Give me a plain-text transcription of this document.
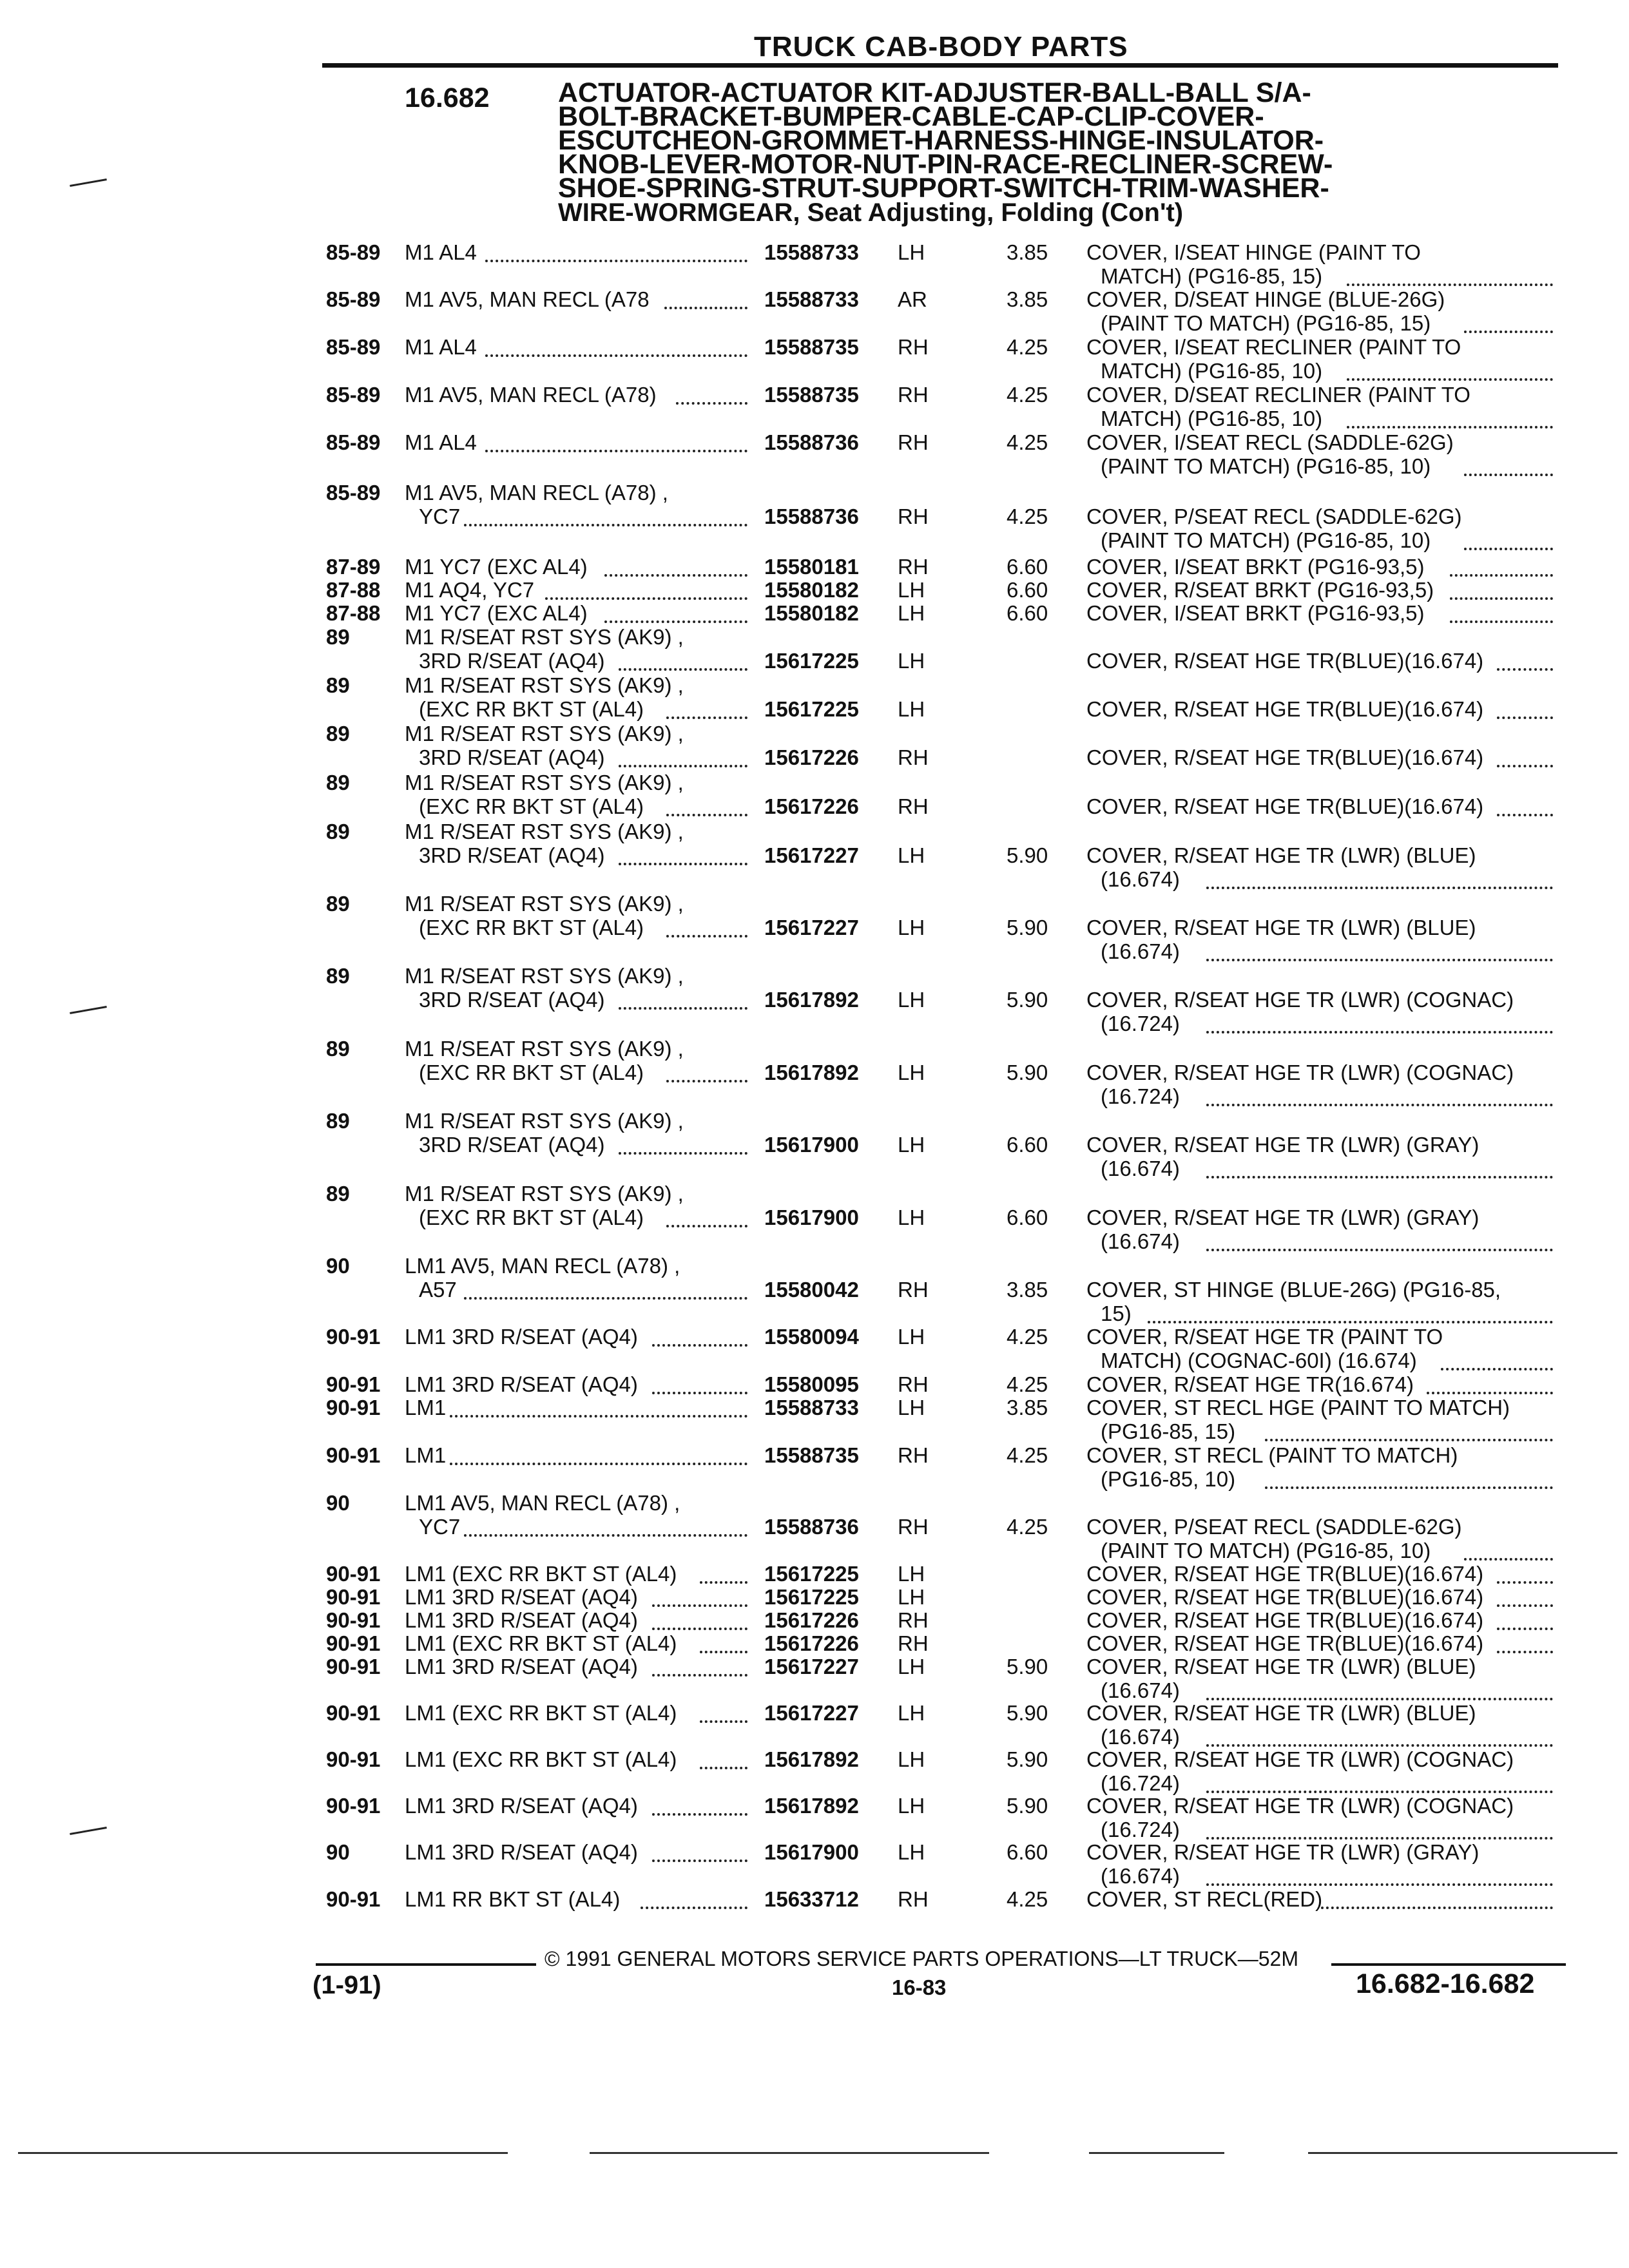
TRUCK CAB-BODY PARTS
16.682 ACTUATOR-ACTUATOR KIT-ADJUSTER-BALL-BALL S/A-
BOLT-BRACKET-BUMPER-CABLE-CAP-CLIP-COVER-
ESCUTCHEON-GROMMET-HARNESS-HINGE-INSULATOR-
KNOB-LEVER-MOTOR-NUT-PIN-RACE-RECLINER-SCREW-
SHOE-SPRING-STRUT-SUPPORT-SWITCH-TRIM-WASHER-
WIRE-WORMGEAR, Seat Adjusting, Folding (Con't)
85-89 M1 AL4	15588733 LH	3.85 COVER, I/SEAT HINGE (PAINT TO
MATCH) (PG16-85, 15)
85-89 M1 AV5, MAN RECL (A78	15588733 AR	3.85 COVER, D/SEAT HINGE (BLUE-26G)
(PAINT TO MATCH) (PG16-85, 15)
85-89 M1 AL4	15588735 RH	4.25 COVER, I/SEAT RECLINER (PAINT TO
MATCH) (PG16-85, 10)
85-89 M1 AV5, MAN RECL (A78)	15588735 RH	4.25 COVER, D/SEAT RECLINER (PAINT TO
MATCH) (PG16-85, 10)
85-89 M1 AL4	15588736 RH	4.25 COVER, I/SEAT RECL (SADDLE-62G)
(PAINT TO MATCH) (PG16-85, 10)
85-89 M1 AV5, MAN RECL (A78) ,
YC7	15588736 RH	4.25 COVER, P/SEAT RECL (SADDLE-62G)
(PAINT TO MATCH) (PG16-85, 10)
87-89 M1 YC7 (EXC AL4)	15580181 RH	6.60 COVER, I/SEAT BRKT (PG16-93,5)
87-88 M1 AQ4, YC7	15580182 LH	6.60 COVER, R/SEAT BRKT (PG16-93,5)
87-88 M1 YC7 (EXC AL4)	15580182 LH	6.60 COVER, I/SEAT BRKT (PG16-93,5)
89	M1 R/SEAT RST SYS (AK9) ,
3RD R/SEAT (AQ4)	15617225 LH	COVER, R/SEAT HGE TR(BLUE)(16.674)
89	M1 R/SEAT RST SYS (AK9) ,
(EXC RR BKT ST (AL4)	15617225 LH	COVER, R/SEAT HGE TR(BLUE)(16.674)
89	M1 R/SEAT RST SYS (AK9) ,
3RD R/SEAT (AQ4)	15617226 RH	COVER, R/SEAT HGE TR(BLUE)(16.674)
89	M1 R/SEAT RST SYS (AK9) ,
(EXC RR BKT ST (AL4)	15617226 RH	COVER, R/SEAT HGE TR(BLUE)(16.674)
89	M1 R/SEAT RST SYS (AK9) ,
3RD R/SEAT (AQ4)	15617227 LH	5.90 COVER, R/SEAT HGE TR (LWR) (BLUE)
(16.674)
89	M1 R/SEAT RST SYS (AK9) ,
(EXC RR BKT ST (AL4)	15617227 LH	5.90 COVER, R/SEAT HGE TR (LWR) (BLUE)
(16.674)
89	M1 R/SEAT RST SYS (AK9) ,
3RD R/SEAT (AQ4)	15617892 LH	5.90 COVER, R/SEAT HGE TR (LWR) (COGNAC)
(16.724)
89	M1 R/SEAT RST SYS (AK9) ,
(EXC RR BKT ST (AL4)	15617892 LH	5.90 COVER, R/SEAT HGE TR (LWR) (COGNAC)
(16.724)
89	M1 R/SEAT RST SYS (AK9) ,
3RD R/SEAT (AQ4)	15617900 LH	6.60 COVER, R/SEAT HGE TR (LWR) (GRAY)
(16.674)
89	M1 R/SEAT RST SYS (AK9) ,
(EXC RR BKT ST (AL4)	15617900 LH	6.60 COVER, R/SEAT HGE TR (LWR) (GRAY)
(16.674)
90	LM1 AV5, MAN RECL (A78) ,
A57	15580042 RH	3.85 COVER, ST HINGE (BLUE-26G) (PG16-85,
15)
90-91 LM1 3RD R/SEAT (AQ4)	15580094 LH	4.25 COVER, R/SEAT HGE TR (PAINT TO
MATCH) (COGNAC-60I) (16.674)
90-91 LM1 3RD R/SEAT (AQ4)	15580095 RH	4.25 COVER, R/SEAT HGE TR(16.674)
90-91 LM1	15588733 LH	3.85 COVER, ST RECL HGE (PAINT TO MATCH)
(PG16-85, 15)
90-91 LM1	15588735 RH	4.25 COVER, ST RECL (PAINT TO MATCH)
(PG16-85, 10)
90	LM1 AV5, MAN RECL (A78) ,
YC7	15588736 RH	4.25 COVER, P/SEAT RECL (SADDLE-62G)
(PAINT TO MATCH) (PG16-85, 10)
90-91 LM1 (EXC RR BKT ST (AL4)	15617225 LH	COVER, R/SEAT HGE TR(BLUE)(16.674)
90-91 LM1 3RD R/SEAT (AQ4)	15617225 LH	COVER, R/SEAT HGE TR(BLUE)(16.674)
90-91 LM1 3RD R/SEAT (AQ4)	15617226 RH	COVER, R/SEAT HGE TR(BLUE)(16.674)
90-91 LM1 (EXC RR BKT ST (AL4)	15617226 RH	COVER, R/SEAT HGE TR(BLUE)(16.674)
90-91 LM1 3RD R/SEAT (AQ4)	15617227 LH	5.90 COVER, R/SEAT HGE TR (LWR) (BLUE)
(16.674)
90-91 LM1 (EXC RR BKT ST (AL4)	15617227 LH	5.90 COVER, R/SEAT HGE TR (LWR) (BLUE)
(16.674)
90-91 LM1 (EXC RR BKT ST (AL4)	15617892 LH	5.90 COVER, R/SEAT HGE TR (LWR) (COGNAC)
(16.724)
90-91 LM1 3RD R/SEAT (AQ4)	15617892 LH	5.90 COVER, R/SEAT HGE TR (LWR) (COGNAC)
(16.724)
90	LM1 3RD R/SEAT (AQ4)	15617900 LH	6.60 COVER, R/SEAT HGE TR (LWR) (GRAY)
(16.674)
90-91 LM1 RR BKT ST (AL4)	15633712 RH	4.25 COVER, ST RECL(RED)
© 1991 GENERAL MOTORS SERVICE PARTS OPERATIONS—LT TRUCK—52M
(1-91)	16-83	16.682-16.682
